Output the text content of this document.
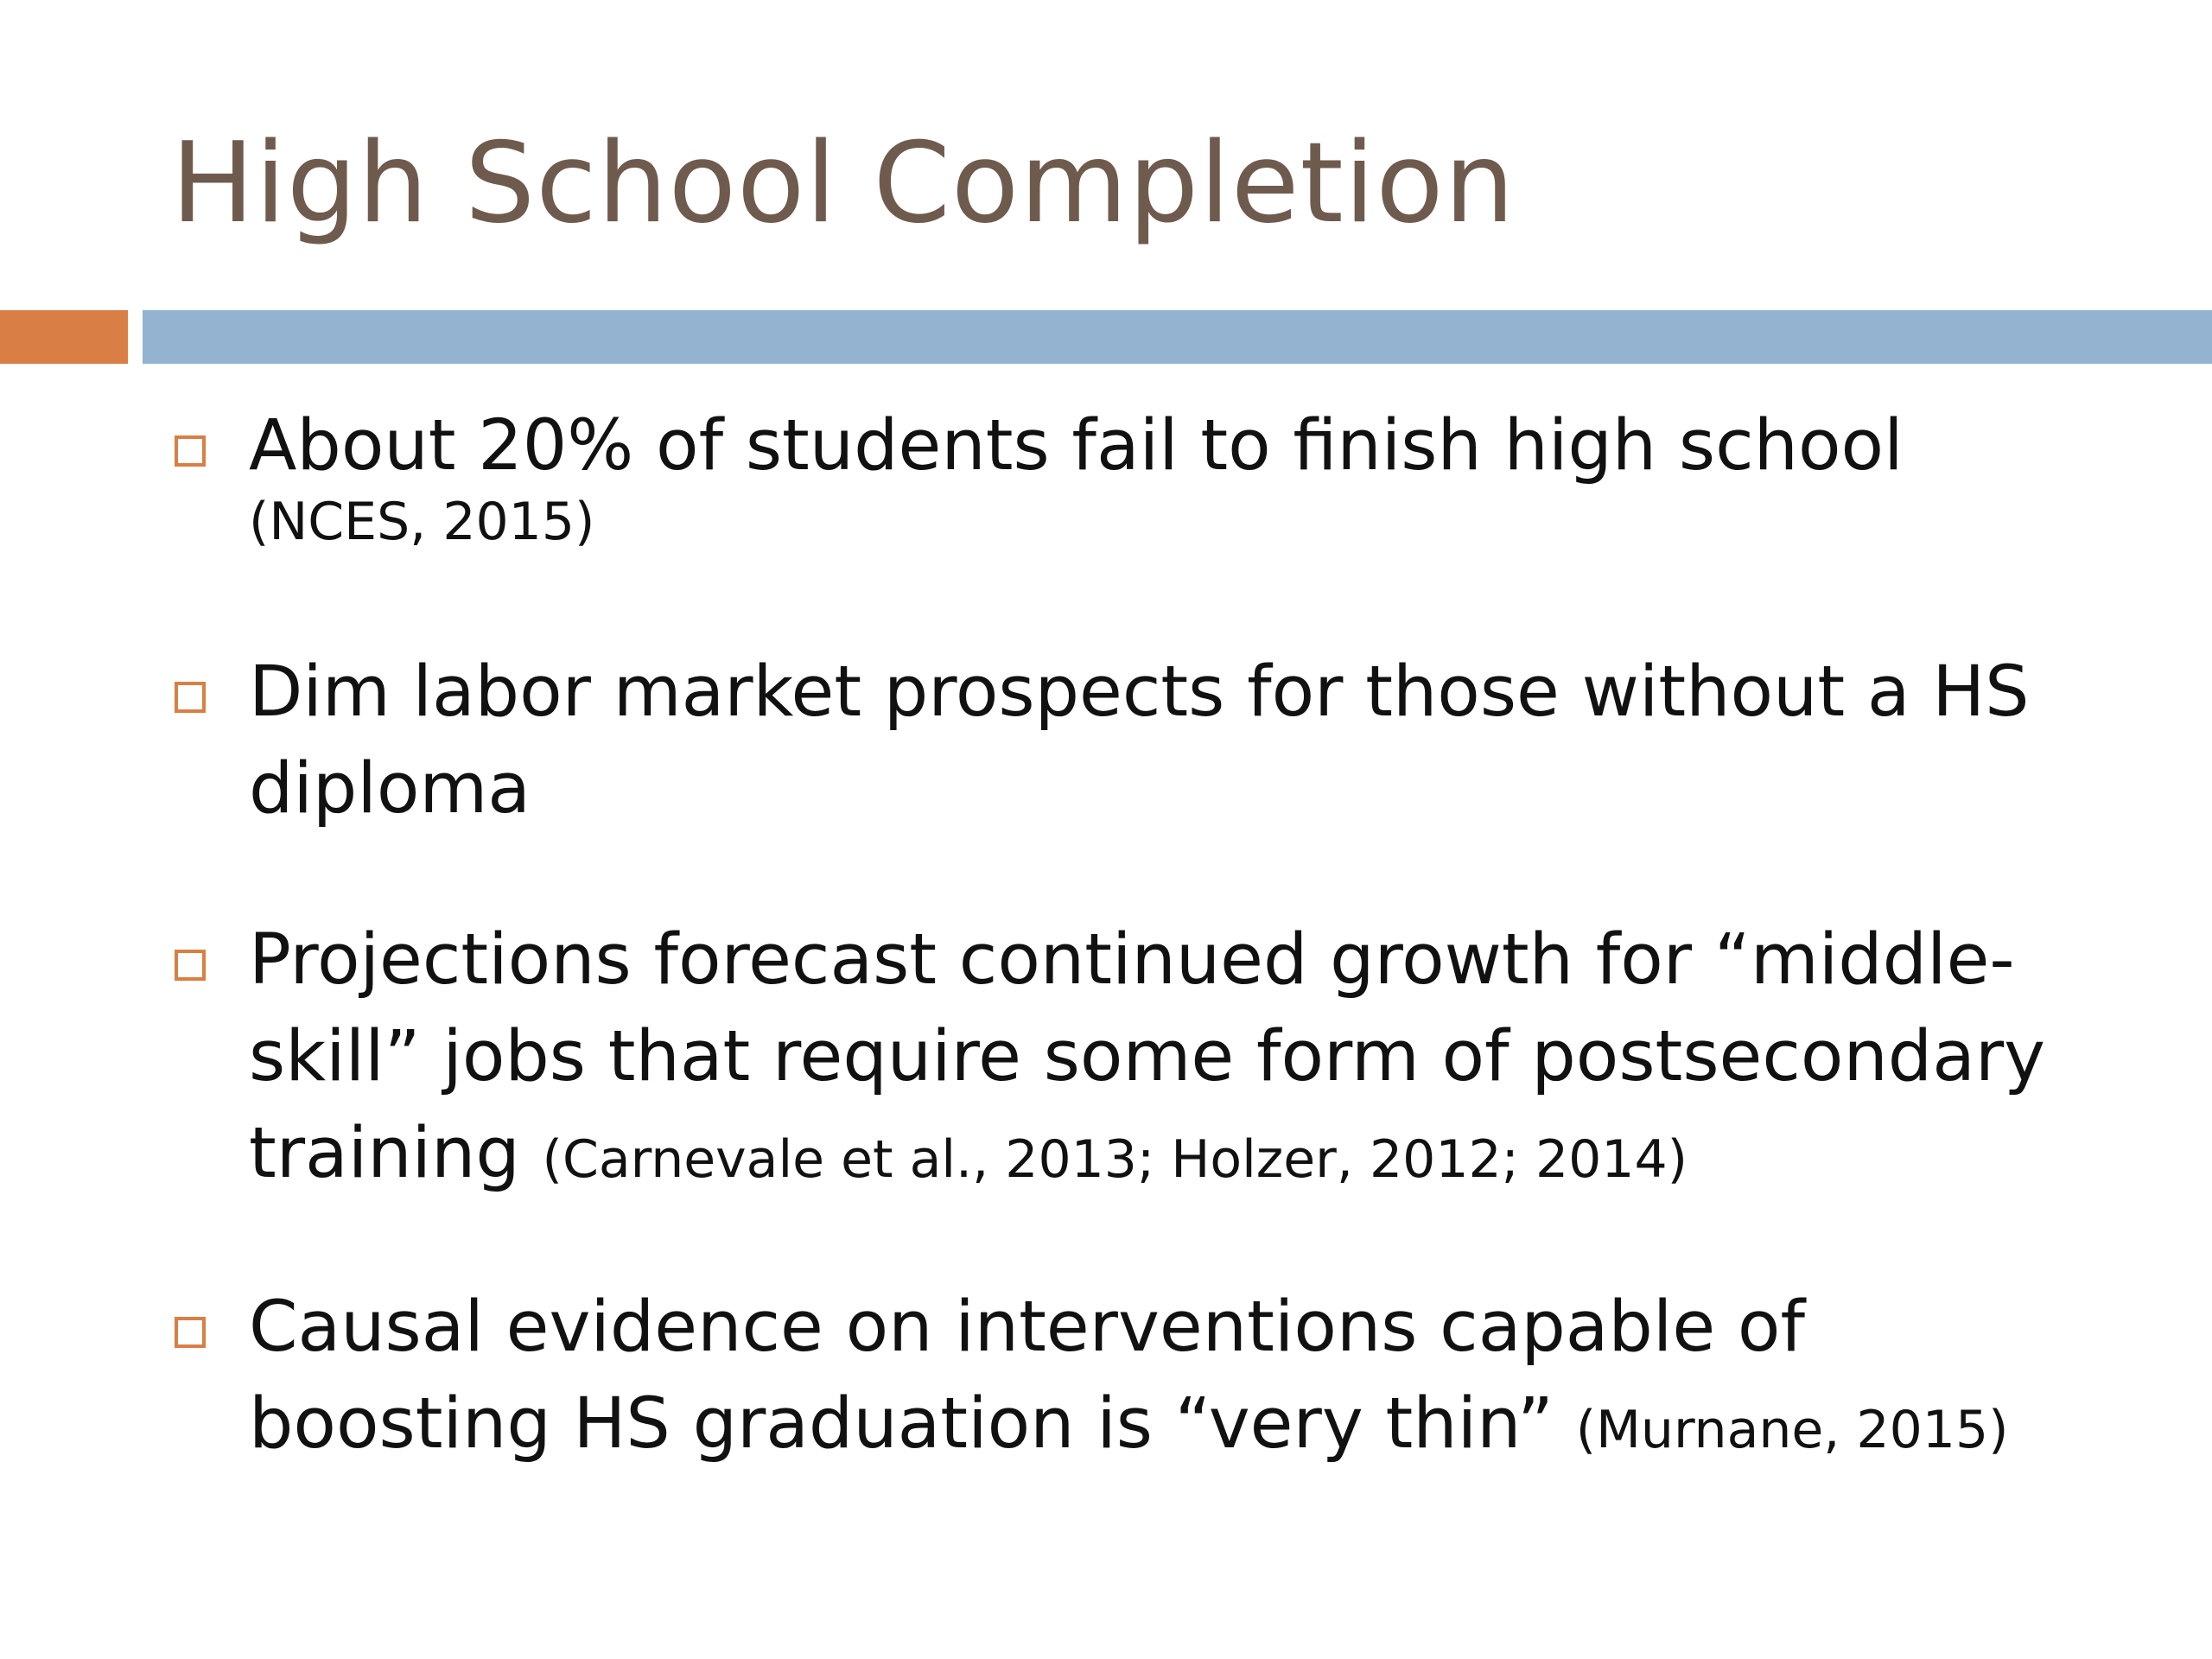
High School Completion
About 20% of students fail to finish high school
(NCES, 2015)
Dim labor market prospects for those without a HS diploma
Projections forecast continued growth for “middle-skill” jobs that require some form of postsecondary training (Carnevale et al., 2013; Holzer, 2012; 2014)
Causal evidence on interventions capable of boosting HS graduation is “very thin” (Murnane, 2015)
